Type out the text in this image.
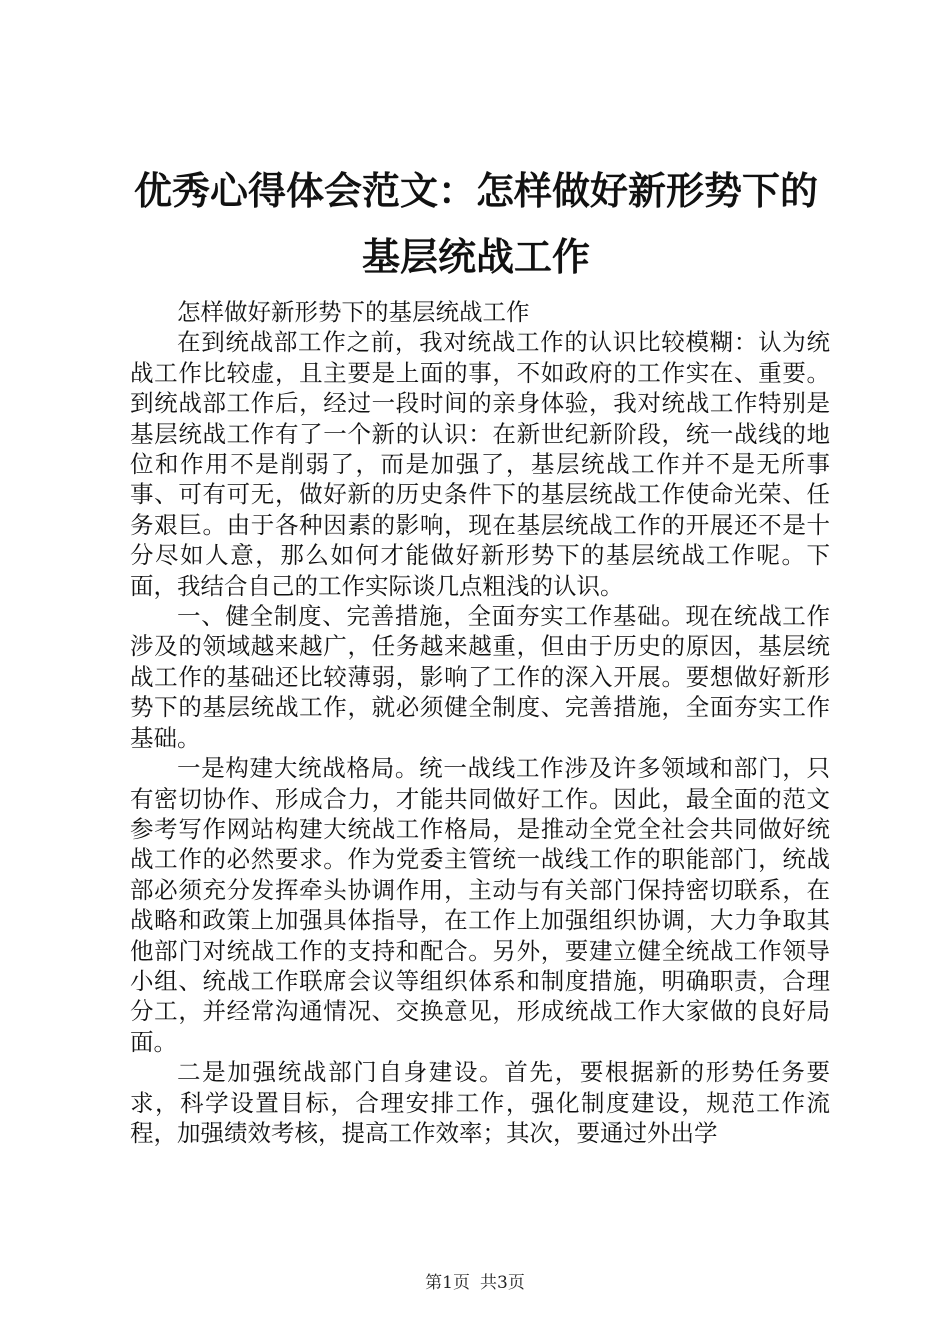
优秀心得体会范文：怎样做好新形势下的基层统战工作

怎样做好新形势下的基层统战工作

在到统战部工作之前，我对统战工作的认识比较模糊：认为统战工作比较虚，且主要是上面的事，不如政府的工作实在、重要。到统战部工作后，经过一段时间的亲身体验，我对统战工作特别是基层统战工作有了一个新的认识：在新世纪新阶段，统一战线的地位和作用不是削弱了，而是加强了，基层统战工作并不是无所事事、可有可无，做好新的历史条件下的基层统战工作使命光荣、任务艰巨。由于各种因素的影响，现在基层统战工作的开展还不是十分尽如人意，那么如何才能做好新形势下的基层统战工作呢。下面，我结合自己的工作实际谈几点粗浅的认识。

一、健全制度、完善措施，全面夯实工作基础。现在统战工作涉及的领域越来越广，任务越来越重，但由于历史的原因，基层统战工作的基础还比较薄弱，影响了工作的深入开展。要想做好新形势下的基层统战工作，就必须健全制度、完善措施，全面夯实工作基础。

一是构建大统战格局。统一战线工作涉及许多领域和部门，只有密切协作、形成合力，才能共同做好工作。因此，最全面的范文参考写作网站构建大统战工作格局，是推动全党全社会共同做好统战工作的必然要求。作为党委主管统一战线工作的职能部门，统战部必须充分发挥牵头协调作用，主动与有关部门保持密切联系，在战略和政策上加强具体指导，在工作上加强组织协调，大力争取其他部门对统战工作的支持和配合。另外，要建立健全统战工作领导小组、统战工作联席会议等组织体系和制度措施，明确职责，合理分工，并经常沟通情况、交换意见，形成统战工作大家做的良好局面。

二是加强统战部门自身建设。首先，要根据新的形势任务要求，科学设置目标，合理安排工作，强化制度建设，规范工作流程，加强绩效考核，提高工作效率；其次，要通过外出学

第1页 共3页
